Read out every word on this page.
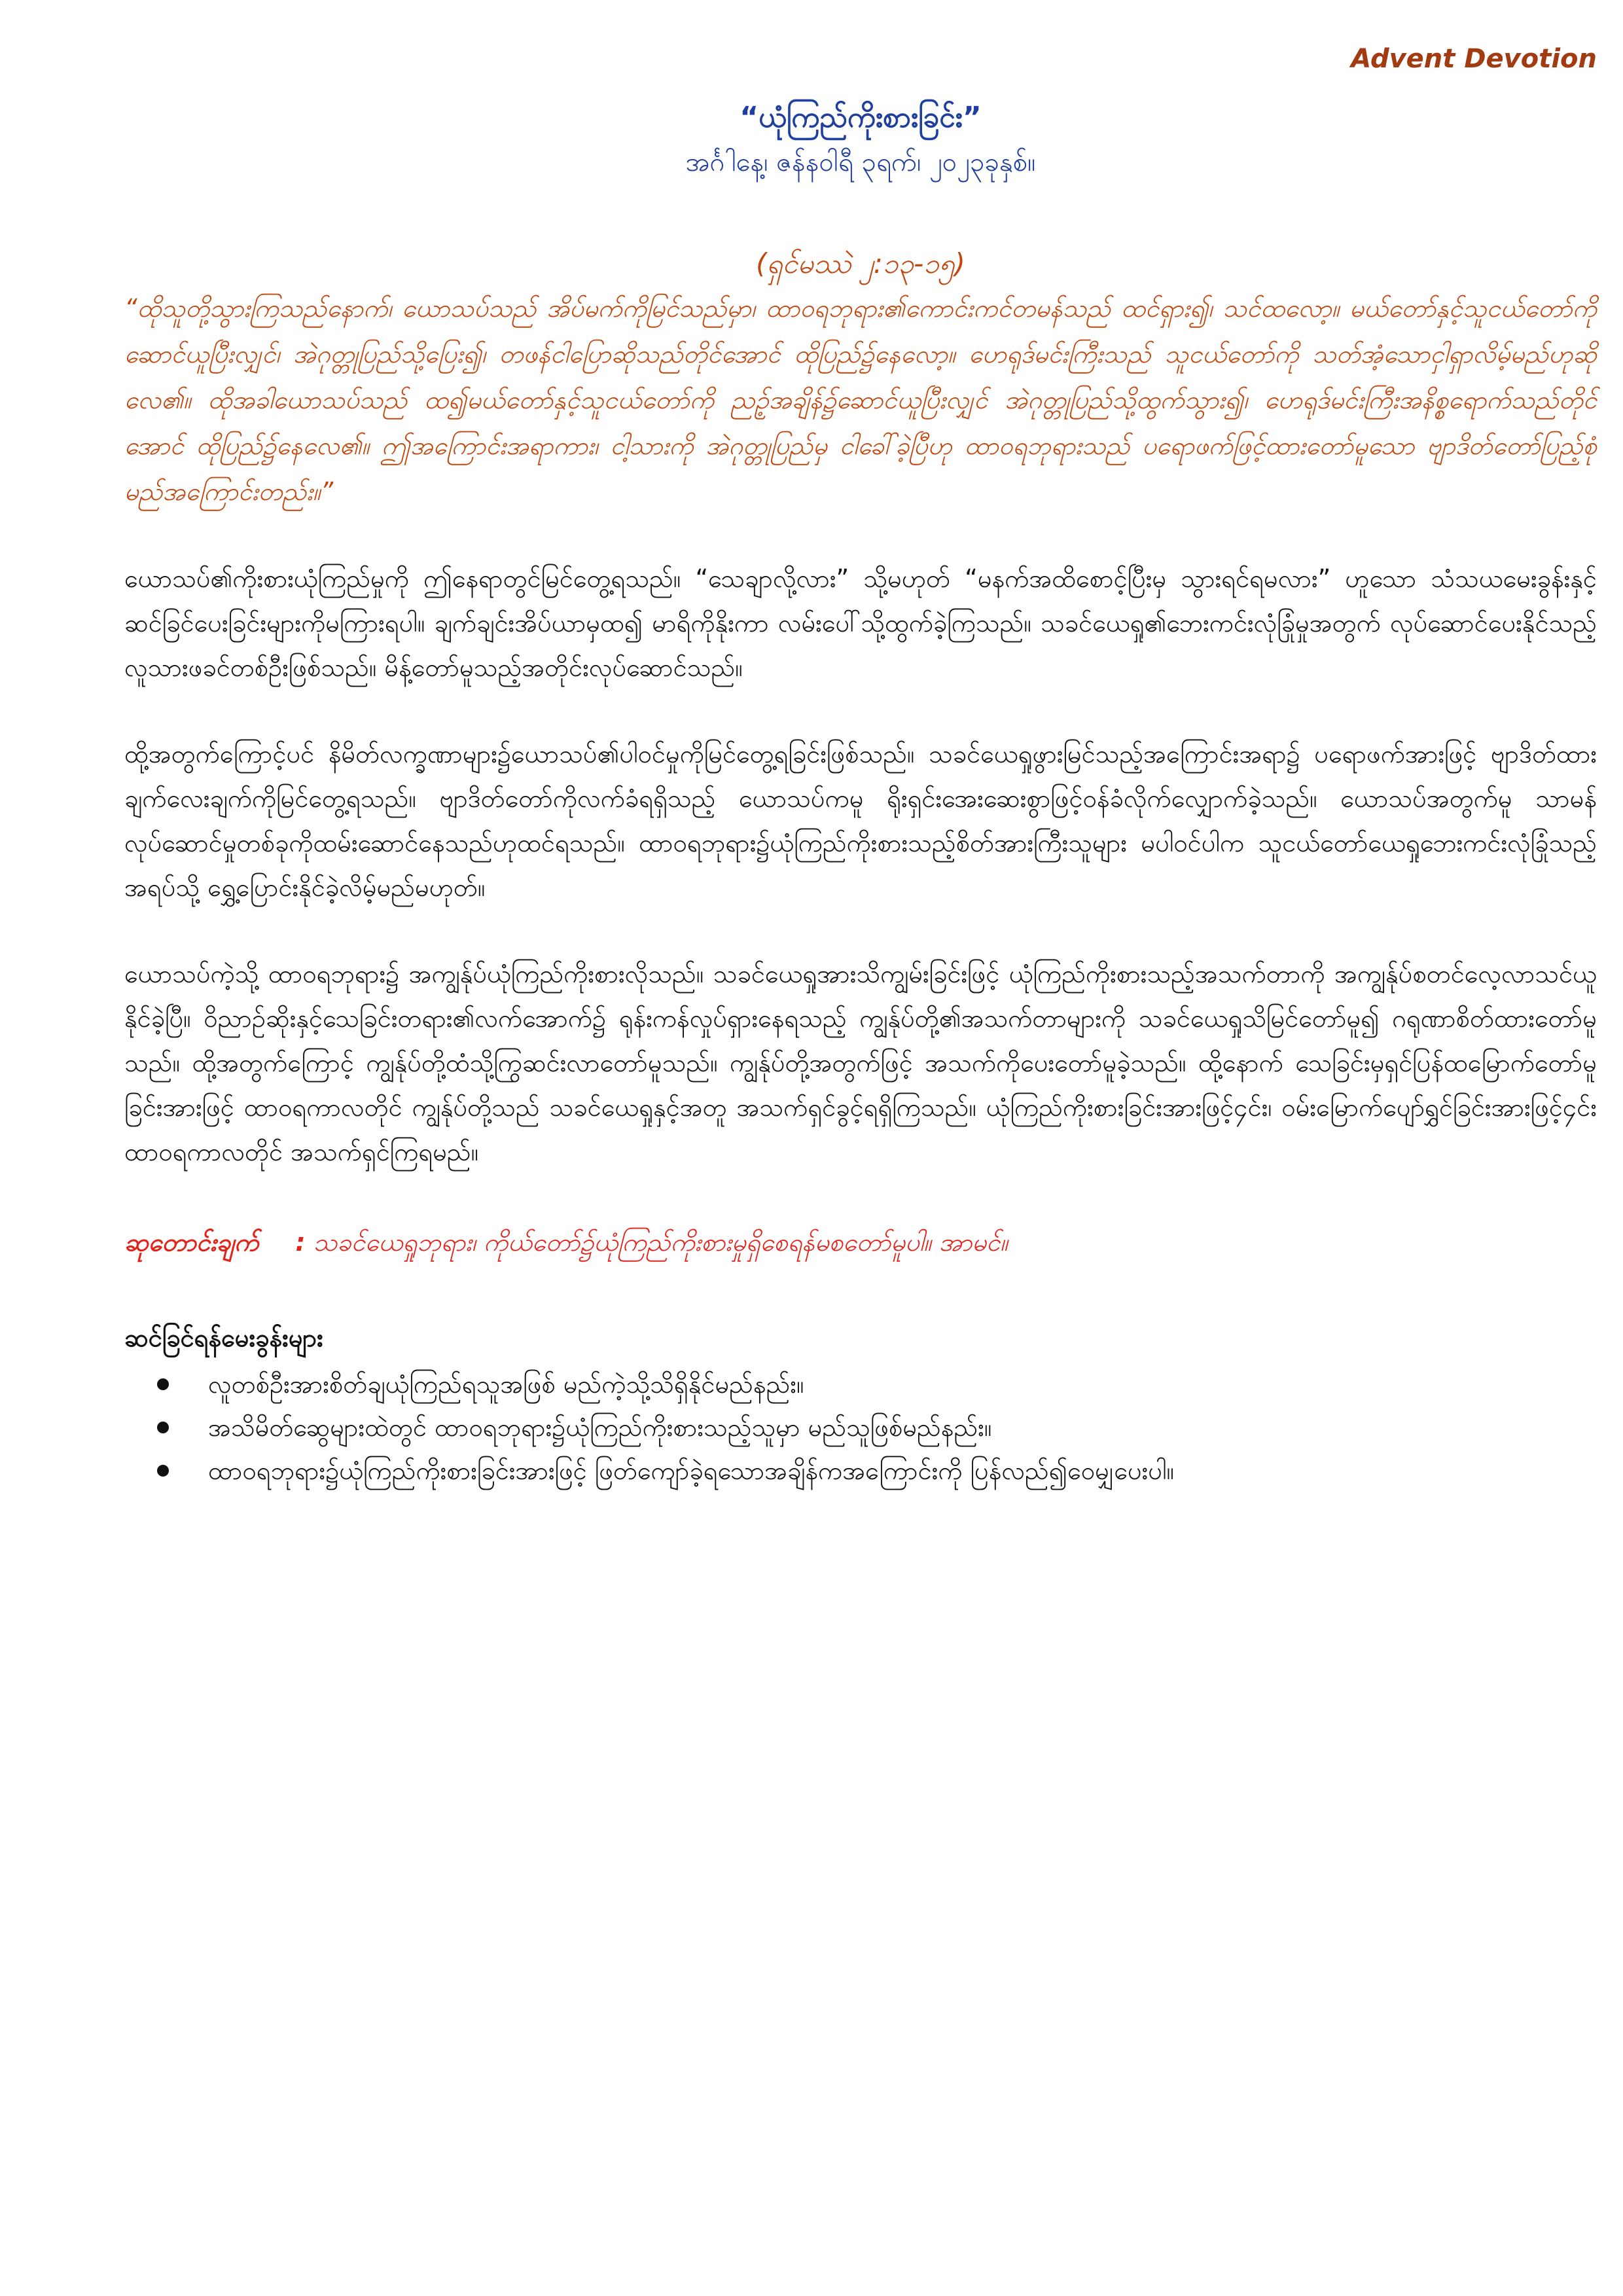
Advent Devotion
“ယုံကြည်ကိုးစားခြင်း”
အင်္ဂါနေ့၊ ဇန်နဝါရီ ၃ရက်၊ ၂၀၂၃ခုနှစ်။
(ရှင်မဿဲ ၂:၁၃-၁၅)
“ထိုသူတို့သွားကြသည်နောက်၊ ယောသပ်သည် အိပ်မက်ကိုမြင်သည်မှာ၊ ထာဝရဘုရား၏ကောင်းကင်တမန်သည် ထင်ရှား၍၊ သင်ထလော့။ မယ်တော်နှင့်သူငယ်တော်ကို ဆောင်ယူပြီးလျှင်၊ အဲဂုတ္တုပြည်သို့ပြေး၍၊ တဖန်ငါပြောဆိုသည်တိုင်အောင် ထိုပြည်၌နေလော့။ ဟေရုဒ်မင်းကြီးသည် သူငယ်တော်ကို သတ်အံ့သောငှါရှာလိမ့်မည်ဟုဆိုလေ၏။ ထိုအခါယောသပ်သည် ထ၍မယ်တော်နှင့်သူငယ်တော်ကို ညဉ့်အချိန်၌ဆောင်ယူပြီးလျှင် အဲဂုတ္တုပြည်သို့ထွက်သွား၍၊ ဟေရုဒ်မင်းကြီးအနိစ္စရောက်သည်တိုင်အောင် ထိုပြည်၌နေလေ၏။ ဤအကြောင်းအရာကား၊ ငါ့သားကို အဲဂုတ္တုပြည်မှ ငါခေါ်ခဲ့ပြီဟု ထာဝရဘုရားသည် ပရောဖက်ဖြင့်ထားတော်မူသော ဗျာဒိတ်တော်ပြည့်စုံမည်အကြောင်းတည်း။”
ယောသပ်၏ကိုးစားယုံကြည်မှုကို ဤနေရာတွင်မြင်တွေ့ရသည်။ “သေချာလို့လား” သို့မဟုတ် “မနက်အထိစောင့်ပြီးမှ သွားရင်ရမလား” ဟူသော သံသယမေးခွန်းနှင့်ဆင်ခြင်ပေးခြင်းများကိုမကြားရပါ။ ချက်ချင်းအိပ်ယာမှထ၍ မာရိကိုနိုးကာ လမ်းပေါ်သို့ထွက်ခဲ့ကြသည်။ သခင်ယေရှု၏ဘေးကင်းလုံခြုံမှုအတွက် လုပ်ဆောင်ပေးနိုင်သည့် လူသားဖခင်တစ်ဦးဖြစ်သည်။ မိန့်တော်မူသည့်အတိုင်းလုပ်ဆောင်သည်။
ထို့အတွက်ကြောင့်ပင် နိမိတ်လက္ခဏာများ၌ယောသပ်၏ပါဝင်မှုကိုမြင်တွေ့ရခြင်းဖြစ်သည်။ သခင်ယေရှုဖွားမြင်သည့်အကြောင်းအရာ၌ ပရောဖက်အားဖြင့် ဗျာဒိတ်ထားချက်လေးချက်ကိုမြင်တွေ့ရသည်။ ဗျာဒိတ်တော်ကိုလက်ခံရရှိသည့် ယောသပ်ကမူ ရိုးရှင်းအေးဆေးစွာဖြင့်ဝန်ခံလိုက်လျှောက်ခဲ့သည်။ ယောသပ်အတွက်မူ သာမန်လုပ်ဆောင်မှုတစ်ခုကိုထမ်းဆောင်နေသည်ဟုထင်ရသည်။ ထာဝရဘုရား၌ယုံကြည်ကိုးစားသည့်စိတ်အားကြီးသူများ မပါဝင်ပါက သူငယ်တော်ယေရှုဘေးကင်းလုံခြုံသည့်အရပ်သို့ ရွှေ့ပြောင်းနိုင်ခဲ့လိမ့်မည်မဟုတ်။
ယောသပ်ကဲ့သို့ ထာဝရဘုရား၌ အကျွန်ုပ်ယုံကြည်ကိုးစားလိုသည်။ သခင်ယေရှုအားသိကျွမ်းခြင်းဖြင့် ယုံကြည်ကိုးစားသည့်အသက်တာကို အကျွန်ုပ်စတင်လေ့လာသင်ယူနိုင်ခဲ့ပြီ။ ဝိညာဉ်ဆိုးနှင့်သေခြင်းတရား၏လက်အောက်၌ ရုန်းကန်လှုပ်ရှားနေရသည့် ကျွန်ုပ်တို့၏အသက်တာများကို သခင်ယေရှုသိမြင်တော်မူ၍ ဂရုဏာစိတ်ထားတော်မူသည်။ ထို့အတွက်ကြောင့် ကျွန်ုပ်တို့ထံသို့ကြွဆင်းလာတော်မူသည်။ ကျွန်ုပ်တို့အတွက်ဖြင့် အသက်ကိုပေးတော်မူခဲ့သည်။ ထို့နောက် သေခြင်းမှရှင်ပြန်ထမြောက်တော်မူခြင်းအားဖြင့် ထာဝရကာလတိုင် ကျွန်ုပ်တို့သည် သခင်ယေရှုနှင့်အတူ အသက်ရှင်ခွင့်ရရှိကြသည်။ ယုံကြည်ကိုးစားခြင်းအားဖြင့်၄င်း၊ ဝမ်းမြောက်ပျော်ရွှင်ခြင်းအားဖြင့်၄င်း ထာဝရကာလတိုင် အသက်ရှင်ကြရမည်။
ဆုတောင်းချက် : သခင်ယေရှုဘုရား၊ ကိုယ်တော်၌ယုံကြည်ကိုးစားမှုရှိစေရန်မစတော်မူပါ။ အာမင်။
ဆင်ခြင်ရန်မေးခွန်းများ
လူတစ်ဦးအားစိတ်ချယုံကြည်ရသူအဖြစ် မည်ကဲ့သို့သိရှိနိုင်မည်နည်း။
အသိမိတ်ဆွေများထဲတွင် ထာဝရဘုရား၌ယုံကြည်ကိုးစားသည့်သူမှာ မည်သူဖြစ်မည်နည်း။
ထာဝရဘုရား၌ယုံကြည်ကိုးစားခြင်းအားဖြင့် ဖြတ်ကျော်ခဲ့ရသောအချိန်ကအကြောင်းကို ပြန်လည်၍ဝေမျှပေးပါ။
